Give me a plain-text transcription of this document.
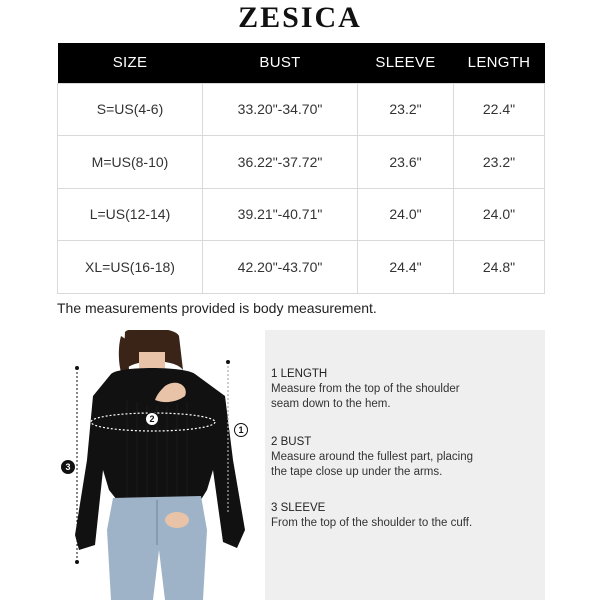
ZESICA
SIZE	BUST	SLEEVE	LENGTH
S=US(4-6)	33.20"-34.70"	23.2"	22.4"
M=US(8-10)	36.22"-37.72"	23.6"	23.2"
L=US(12-14)	39.21"-40.71"	24.0"	24.0"
XL=US(16-18)	42.20"-43.70"	24.4"	24.8"
The measurements provided is body measurement.
2
1
3
1 LENGTH
Measure from the top of the shoulder
seam down to the hem.
2 BUST
Measure around the fullest part, placing
the tape close up under the arms.
3 SLEEVE
From the top of the shoulder to the cuff.
